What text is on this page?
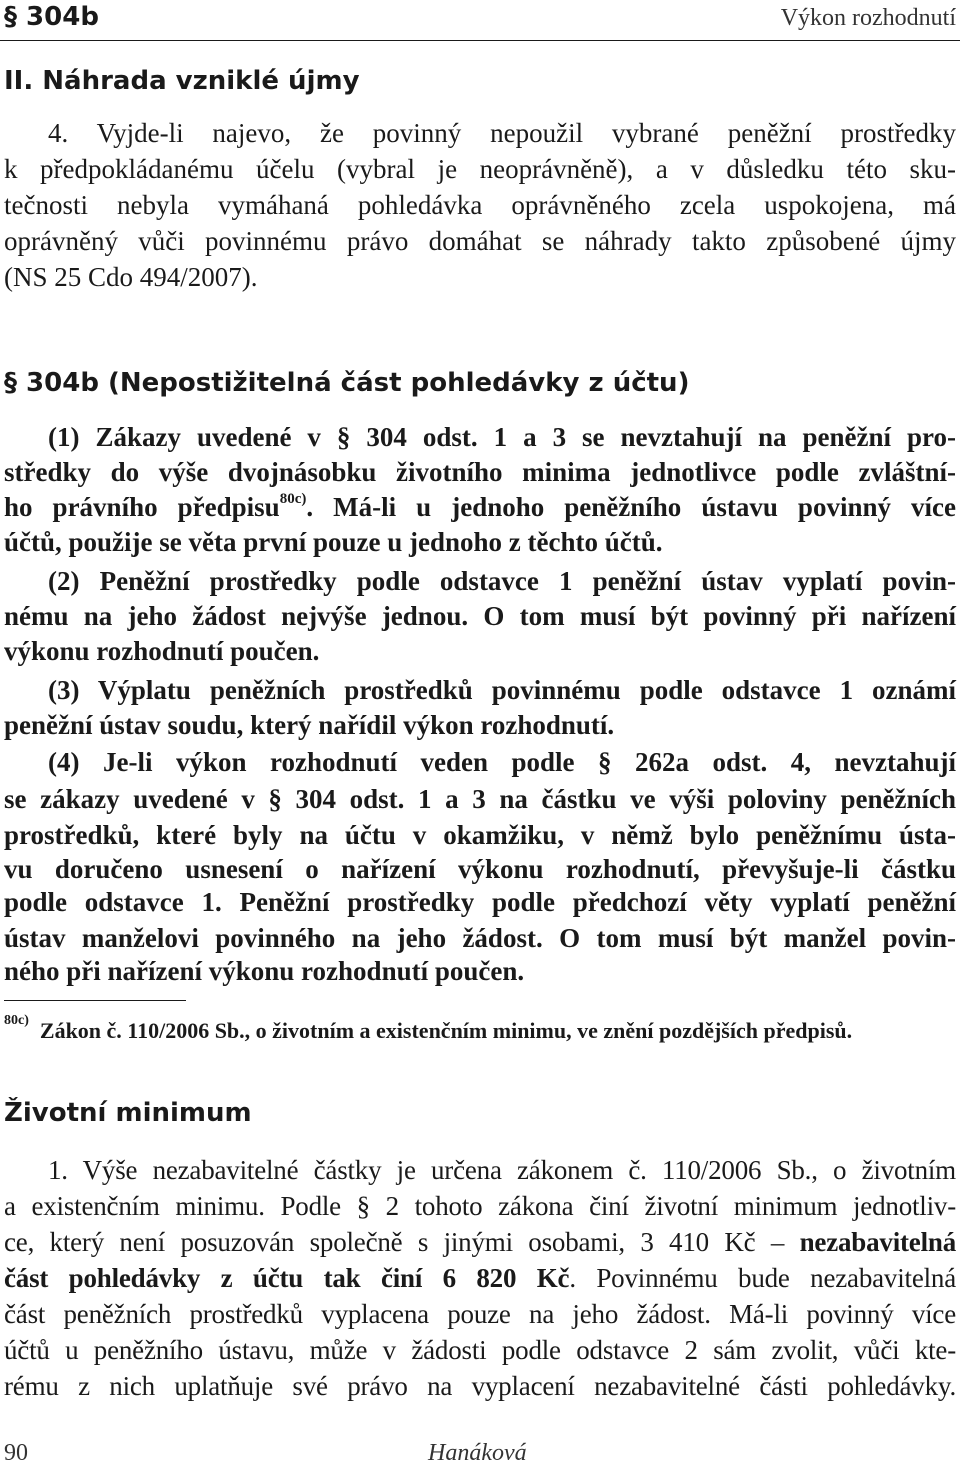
§ 304b	Výkon rozhodnutí
II. Náhrada vzniklé újmy

4. Vyjde-li najevo, že povinný nepoužil vybrané peněžní prostředky

k předpokládanému účelu (vybral je neoprávněně), a v důsledku této sku-

tečnosti nebyla vymáhaná pohledávka oprávněného zcela uspokojena, má

oprávněný vůči povinnému právo domáhat se náhrady takto způsobené újmy

(NS 25 Cdo 494/2007).

§ 304b (Nepostižitelná část pohledávky z účtu)

(1) Zákazy uvedené v § 304 odst. 1 a 3 se nevztahují na peněžní pro-

středky do výše dvojnásobku životního minima jednotlivce podle zvláštní-

ho právního předpisu$^{80c)}$. Má-li u jednoho peněžního ústavu povinný více

účtů, použije se věta první pouze u jednoho z těchto účtů.

(2) Peněžní prostředky podle odstavce 1 peněžní ústav vyplatí povin-

nému na jeho žádost nejvýše jednou. O tom musí být povinný při nařízení

výkonu rozhodnutí poučen.

(3) Výplatu peněžních prostředků povinnému podle odstavce 1 oznámí

peněžní ústav soudu, který nařídil výkon rozhodnutí.

(4) Je-li výkon rozhodnutí veden podle § 262a odst. 4, nevztahují

se zákazy uvedené v § 304 odst. 1 a 3 na částku ve výši poloviny peněžních

prostředků, které byly na účtu v okamžiku, v němž bylo peněžnímu ústa-

vu doručeno usnesení o nařízení výkonu rozhodnutí, převyšuje-li částku

podle odstavce 1. Peněžní prostředky podle předchozí věty vyplatí peněžní

ústav manželovi povinného na jeho žádost. O tom musí být manžel povin-

ného při nařízení výkonu rozhodnutí poučen.

$^{80c)}$ Zákon č. 110/2006 Sb., o životním a existenčním minimu, ve znění pozdějších předpisů.
Životní minimum

1. Výše nezabavitelné částky je určena zákonem č. 110/2006 Sb., o životním

a existenčním minimu. Podle § 2 tohoto zákona činí životní minimum jednotliv-

ce, který není posuzován společně s jinými osobami, 3 410 Kč – nezabavitelná

část pohledávky z účtu tak činí 6 820 Kč. Povinnému bude nezabavitelná

část peněžních prostředků vyplacena pouze na jeho žádost. Má-li povinný více

účtů u peněžního ústavu, může v žádosti podle odstavce 2 sám zvolit, vůči kte-

rému z nich uplatňuje své právo na vyplacení nezabavitelné části pohledávky.

90	Hanáková
